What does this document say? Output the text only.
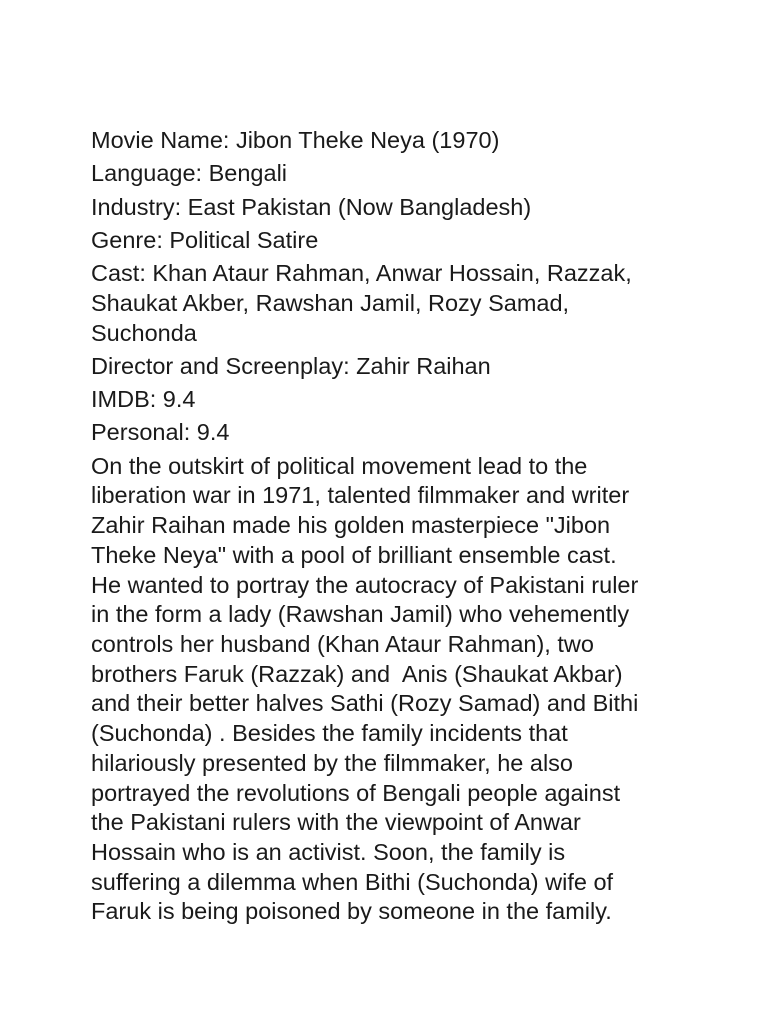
Movie Name: Jibon Theke Neya (1970)
Language: Bengali
Industry: East Pakistan (Now Bangladesh)
Genre: Political Satire
Cast: Khan Ataur Rahman, Anwar Hossain, Razzak,
Shaukat Akber, Rawshan Jamil, Rozy Samad,
Suchonda
Director and Screenplay: Zahir Raihan
IMDB: 9.4
Personal: 9.4
On the outskirt of political movement lead to the
liberation war in 1971, talented filmmaker and writer
Zahir Raihan made his golden masterpiece "Jibon
Theke Neya" with a pool of brilliant ensemble cast.
He wanted to portray the autocracy of Pakistani ruler
in the form a lady (Rawshan Jamil) who vehemently
controls her husband (Khan Ataur Rahman), two
brothers Faruk (Razzak) and  Anis (Shaukat Akbar)
and their better halves Sathi (Rozy Samad) and Bithi
(Suchonda) . Besides the family incidents that
hilariously presented by the filmmaker, he also
portrayed the revolutions of Bengali people against
the Pakistani rulers with the viewpoint of Anwar
Hossain who is an activist. Soon, the family is
suffering a dilemma when Bithi (Suchonda) wife of
Faruk is being poisoned by someone in the family.
